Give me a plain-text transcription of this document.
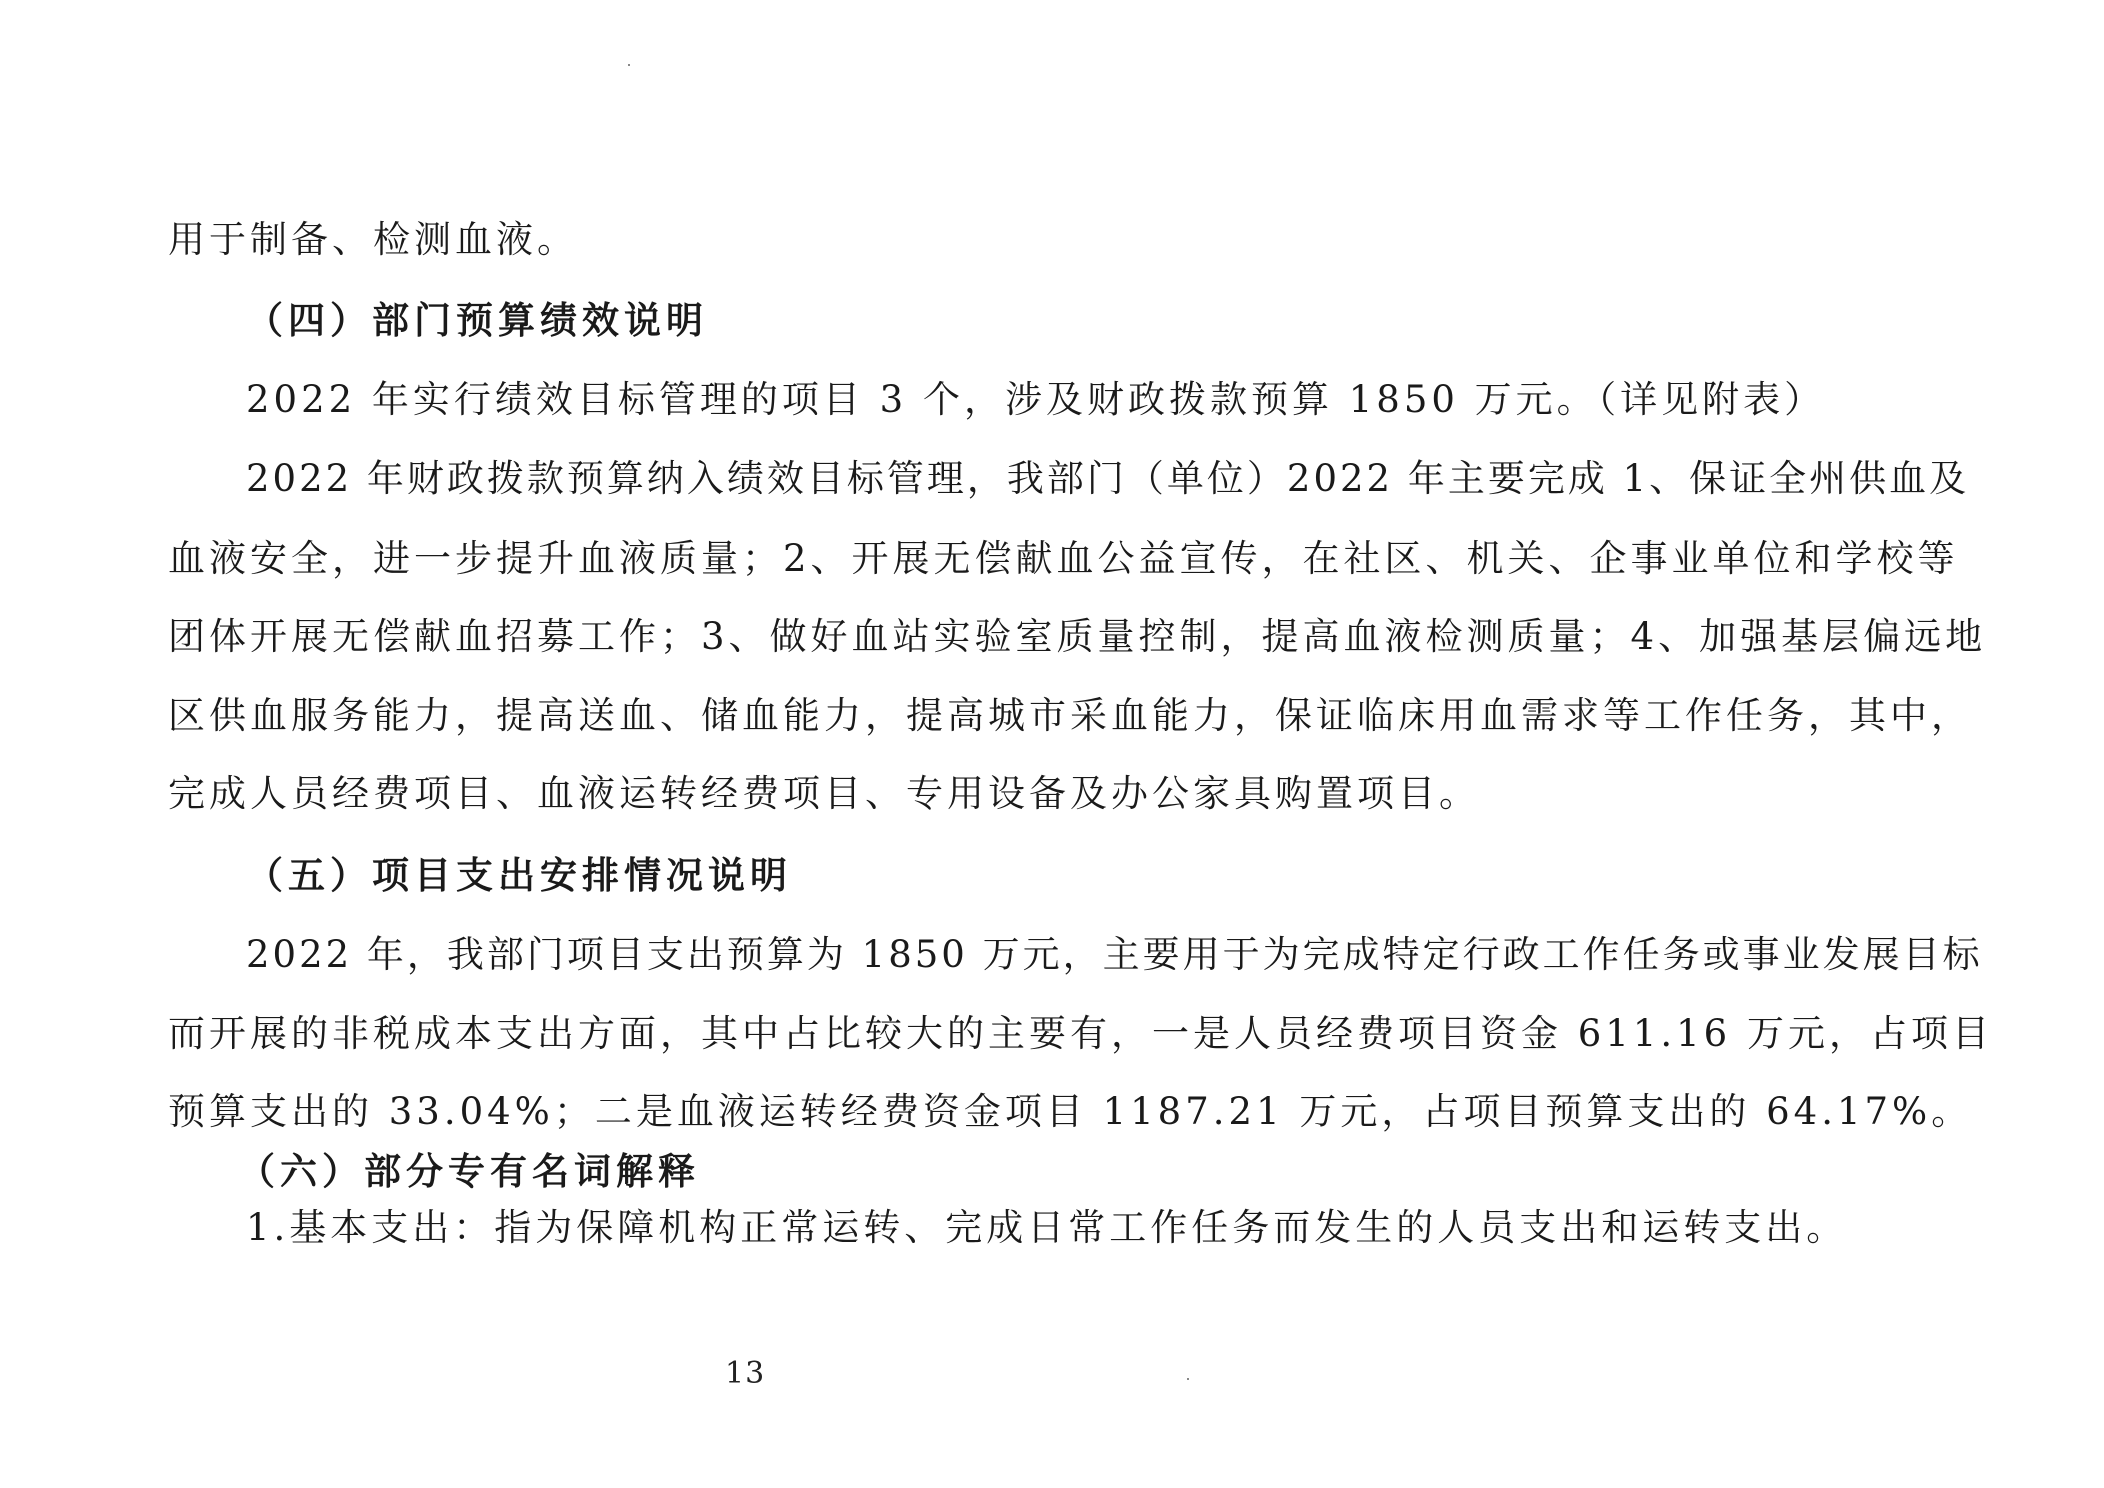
用于制备、检测血液。
（四）部门预算绩效说明
2022 年实行绩效目标管理的项目 3 个，涉及财政拨款预算 1850 万元。（详见附表）
2022 年财政拨款预算纳入绩效目标管理，我部门（单位）2022 年主要完成 1、保证全州供血及
血液安全，进一步提升血液质量；2、开展无偿献血公益宣传，在社区、机关、企事业单位和学校等
团体开展无偿献血招募工作；3、做好血站实验室质量控制，提高血液检测质量；4、加强基层偏远地
区供血服务能力，提高送血、储血能力，提高城市采血能力，保证临床用血需求等工作任务，其中，
完成人员经费项目、血液运转经费项目、专用设备及办公家具购置项目。
（五）项目支出安排情况说明
2022 年，我部门项目支出预算为 1850 万元，主要用于为完成特定行政工作任务或事业发展目标
而开展的非税成本支出方面，其中占比较大的主要有，一是人员经费项目资金 611.16 万元，占项目
预算支出的 33.04%；二是血液运转经费资金项目 1187.21 万元，占项目预算支出的 64.17%。
（六）部分专有名词解释
1.基本支出：指为保障机构正常运转、完成日常工作任务而发生的人员支出和运转支出。
13
